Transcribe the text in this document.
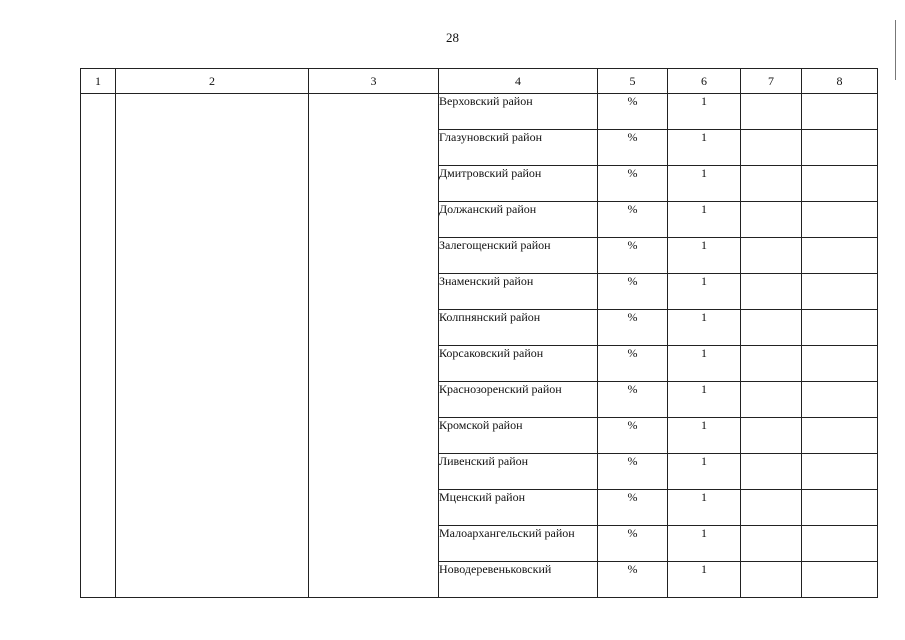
28
1	2	3	4	5	6	7	8
			Верховский район	%	1		
			Глазуновский район	%	1		
			Дмитровский район	%	1		
			Должанский район	%	1		
			Залегощенский район	%	1		
			Знаменский район	%	1		
			Колпнянский район	%	1		
			Корсаковский район	%	1		
			Краснозоренский район	%	1		
			Кромской район	%	1		
			Ливенский район	%	1		
			Мценский район	%	1		
			Малоархангельский район	%	1		
			Новодеревеньковский	%	1		
